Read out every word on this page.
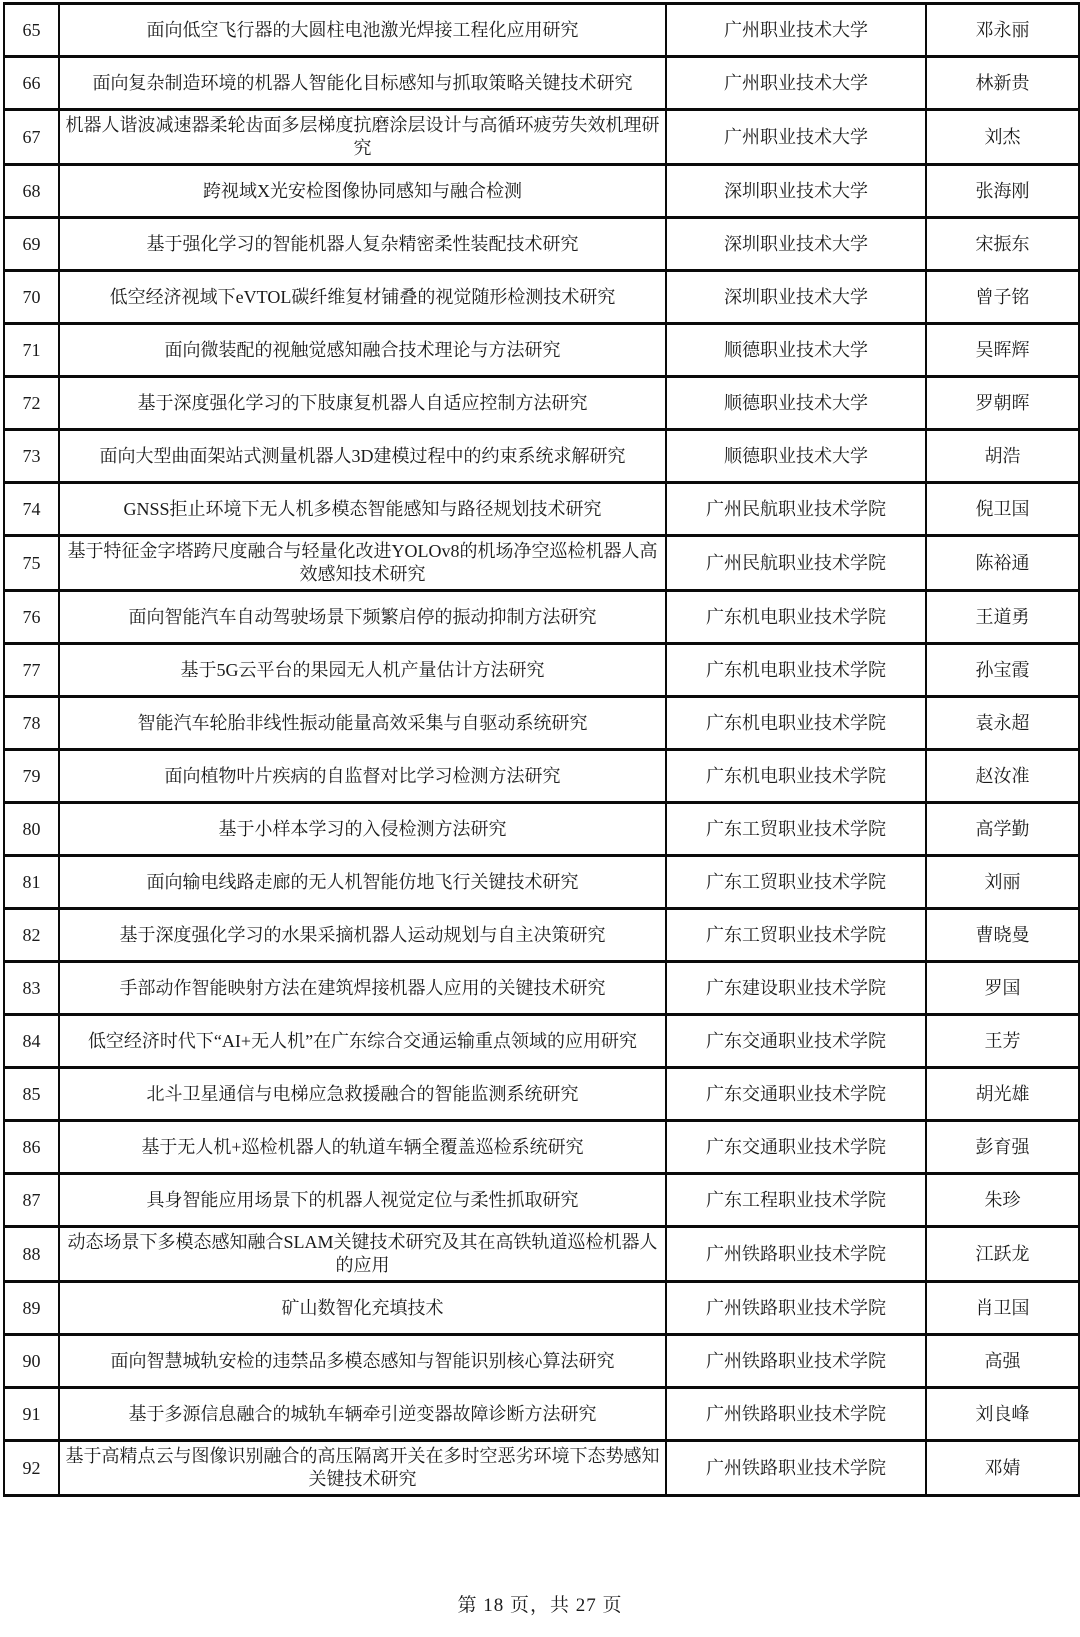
65	面向低空飞行器的大圆柱电池激光焊接工程化应用研究	广州职业技术大学	邓永丽
66	面向复杂制造环境的机器人智能化目标感知与抓取策略关键技术研究	广州职业技术大学	林新贵
67	机器人谐波减速器柔轮齿面多层梯度抗磨涂层设计与高循环疲劳失效机理研究	广州职业技术大学	刘杰
68	跨视域X光安检图像协同感知与融合检测	深圳职业技术大学	张海刚
69	基于强化学习的智能机器人复杂精密柔性装配技术研究	深圳职业技术大学	宋振东
70	低空经济视域下eVTOL碳纤维复材铺叠的视觉随形检测技术研究	深圳职业技术大学	曾子铭
71	面向微装配的视触觉感知融合技术理论与方法研究	顺德职业技术大学	吴晖辉
72	基于深度强化学习的下肢康复机器人自适应控制方法研究	顺德职业技术大学	罗朝晖
73	面向大型曲面架站式测量机器人3D建模过程中的约束系统求解研究	顺德职业技术大学	胡浩
74	GNSS拒止环境下无人机多模态智能感知与路径规划技术研究	广州民航职业技术学院	倪卫国
75	基于特征金字塔跨尺度融合与轻量化改进YOLOv8的机场净空巡检机器人高效感知技术研究	广州民航职业技术学院	陈裕通
76	面向智能汽车自动驾驶场景下频繁启停的振动抑制方法研究	广东机电职业技术学院	王道勇
77	基于5G云平台的果园无人机产量估计方法研究	广东机电职业技术学院	孙宝霞
78	智能汽车轮胎非线性振动能量高效采集与自驱动系统研究	广东机电职业技术学院	袁永超
79	面向植物叶片疾病的自监督对比学习检测方法研究	广东机电职业技术学院	赵汝准
80	基于小样本学习的入侵检测方法研究	广东工贸职业技术学院	高学勤
81	面向输电线路走廊的无人机智能仿地飞行关键技术研究	广东工贸职业技术学院	刘丽
82	基于深度强化学习的水果采摘机器人运动规划与自主决策研究	广东工贸职业技术学院	曹晓曼
83	手部动作智能映射方法在建筑焊接机器人应用的关键技术研究	广东建设职业技术学院	罗国
84	低空经济时代下“AI+无人机”在广东综合交通运输重点领域的应用研究	广东交通职业技术学院	王芳
85	北斗卫星通信与电梯应急救援融合的智能监测系统研究	广东交通职业技术学院	胡光雄
86	基于无人机+巡检机器人的轨道车辆全覆盖巡检系统研究	广东交通职业技术学院	彭育强
87	具身智能应用场景下的机器人视觉定位与柔性抓取研究	广东工程职业技术学院	朱珍
88	动态场景下多模态感知融合SLAM关键技术研究及其在高铁轨道巡检机器人的应用	广州铁路职业技术学院	江跃龙
89	矿山数智化充填技术	广州铁路职业技术学院	肖卫国
90	面向智慧城轨安检的违禁品多模态感知与智能识别核心算法研究	广州铁路职业技术学院	高强
91	基于多源信息融合的城轨车辆牵引逆变器故障诊断方法研究	广州铁路职业技术学院	刘良峰
92	基于高精点云与图像识别融合的高压隔离开关在多时空恶劣环境下态势感知关键技术研究	广州铁路职业技术学院	邓婧
第 18 页，共 27 页
